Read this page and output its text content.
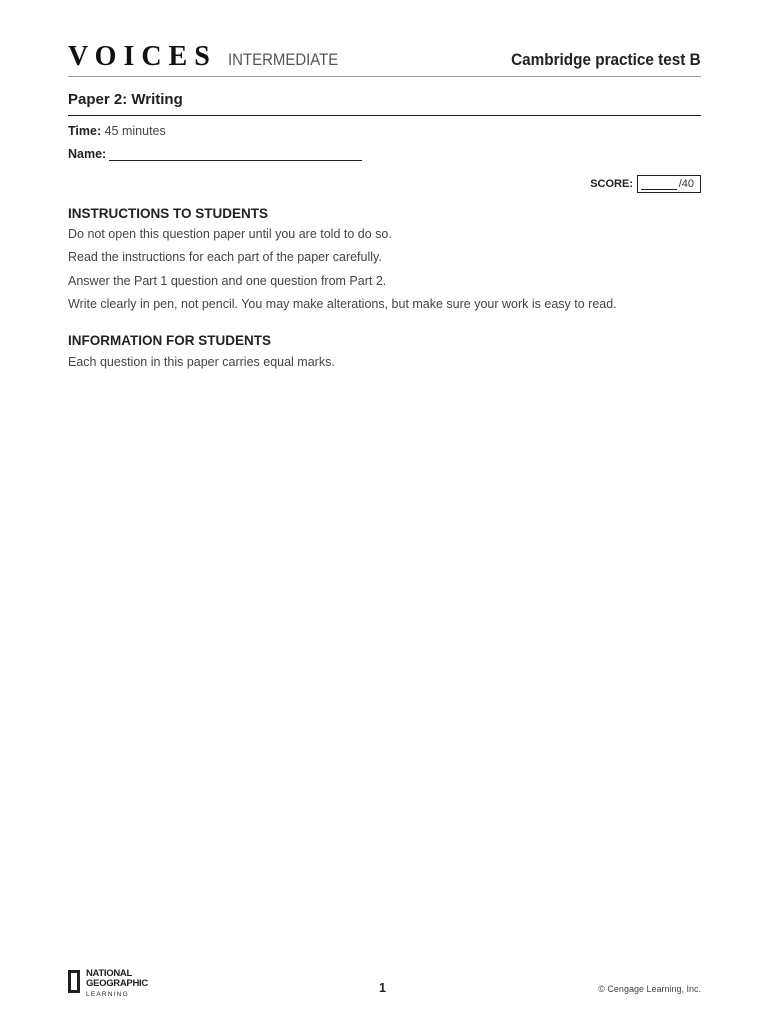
VOICES INTERMEDIATE	Cambridge practice test B
Paper 2: Writing
Time: 45 minutes
Name:
SCORE:	/40
INSTRUCTIONS TO STUDENTS
Do not open this question paper until you are told to do so.
Read the instructions for each part of the paper carefully.
Answer the Part 1 question and one question from Part 2.
Write clearly in pen, not pencil. You may make alterations, but make sure your work is easy to read.
INFORMATION FOR STUDENTS
Each question in this paper carries equal marks.
NATIONAL
GEOGRAPHIC
LEARNING	1	© Cengage Learning, Inc.
